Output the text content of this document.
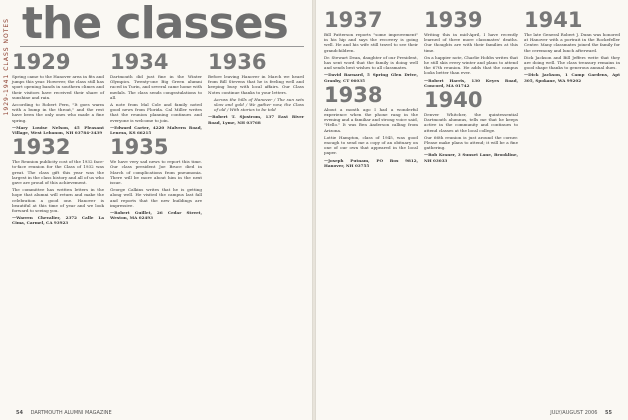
1929-1941 CLASS NOTES the classes
1929

Spring came to the Hanover area in fits and jumps this year. However, the class still has sport opening bands in southern climes and their visitors have received their share of sunshine and rain.

According to Robert Fern, "It goes warm with a bump in the throat," and the rest have been the only ones who made a fine spring.

—Mary Louise Nelson, 45 Pleasant Village, West Lebanon, NH 03784-3439

1932

The Reunion publicity cost of the 1932 face-to-face reunion for the Class of 1932 was great. The class gift this year was the largest in the class history and all of us who gave are proud of this achievement.

The committee has written letters in the hope that alumni will return and make the celebration a good one. Hanover is beautiful at this time of year and we look forward to seeing you.

—Warren Chevalier, 2372 Calle La Cima, Carmel, CA 93923

1934

Dartmouth did just fine in the Winter Olympics. Twenty-one Big Green alumni raced in Turin, and several came home with medals. The class sends congratulations to all.

A note from Mal Cole and family noted good news from Florida. Cal Miller writes that the reunion planning continues and everyone is welcome to join.

—Edward Carter, 4220 Malvern Road, Lenexa, KS 66215

1935

We have very sad news to report this time. Our class president Joe Bruce died in March of complications from pneumonia. There will be more about him in the next issue.

George Calkins writes that he is getting along well. He visited the campus last fall and reports that the new buildings are impressive.

—Robert Guillet, 26 Cedar Street, Weston, MA 02493

1936

Before leaving Hanover in March we heard from Bill Stevens that he is feeling well and keeping busy with local affairs. Our Class Notes continue thanks to your letters.

Across the hills of Hanover / The sun sets slow and gold / We gather now, the Class of old / With stories to be told

—Robert T. Sjostrom, 137 East River Road, Lyme, NH 03768

54 DARTMOUTH ALUMNI MAGAZINE
1937

Bill Patterson reports "some improvement" in his hip and says the recovery is going well. He and his wife still travel to see their grandchildren.

Dr. Stewart Dean, daughter of our President, has sent word that the family is doing well and sends best wishes to all classmates.

—David Barnard, 5 Spring Glen Drive, Granby, CT 06035

1938

About a month ago I had a wonderful experience when the phone rang in the evening and a familiar and strong voice said, "Hello." It was Ben Anderson calling from Arizona.

Lottie Hampton, class of 1945, was good enough to send me a copy of an obituary on one of our own that appeared in the local paper.

—Joseph Putnam, PO Box 9812, Hanover, NH 03755

1939

Writing this in mid-April, I have recently learned of three more classmates' deaths. Our thoughts are with their families at this time.

On a happier note, Charlie Hobbs writes that he still skis every winter and plans to attend the 67th reunion. He adds that the campus looks better than ever.

—Robert Harris, 130 Keyes Road, Concord, MA 01742

1940

Denver Whitcher, the quintessential Dartmouth alumnus, tells me that he keeps active in the community and continues to attend classes at the local college.

Our 66th reunion is just around the corner. Please make plans to attend; it will be a fine gathering.

—Bob Kraner, 3 Sunset Lane, Brookline, NH 03033

1941

The late General Robert J. Dunn was honored at Hanover with a portrait in the Rockefeller Center. Many classmates joined the family for the ceremony and lunch afterward.

Dick Jackson and Bill Jeffers write that they are doing well. The class treasury remains in good shape thanks to generous annual dues.

—Dick Jackson, 1 Camp Gardens, Apt 305, Spokane, WA 99202

JULY/AUGUST 2006 55
